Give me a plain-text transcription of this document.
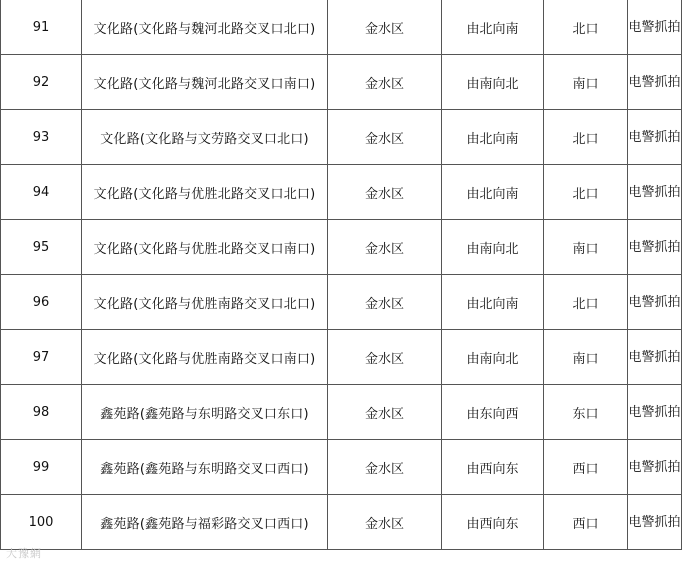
91	文化路(文化路与魏河北路交叉口北口)	金水区	由北向南	北口	电警抓拍
92	文化路(文化路与魏河北路交叉口南口)	金水区	由南向北	南口	电警抓拍
93	文化路(文化路与文劳路交叉口北口)	金水区	由北向南	北口	电警抓拍
94	文化路(文化路与优胜北路交叉口北口)	金水区	由北向南	北口	电警抓拍
95	文化路(文化路与优胜北路交叉口南口)	金水区	由南向北	南口	电警抓拍
96	文化路(文化路与优胜南路交叉口北口)	金水区	由北向南	北口	电警抓拍
97	文化路(文化路与优胜南路交叉口南口)	金水区	由南向北	南口	电警抓拍
98	鑫苑路(鑫苑路与东明路交叉口东口)	金水区	由东向西	东口	电警抓拍
99	鑫苑路(鑫苑路与东明路交叉口西口)	金水区	由西向东	西口	电警抓拍
100	鑫苑路(鑫苑路与福彩路交叉口西口)	金水区	由西向东	西口	电警抓拍
大豫網
